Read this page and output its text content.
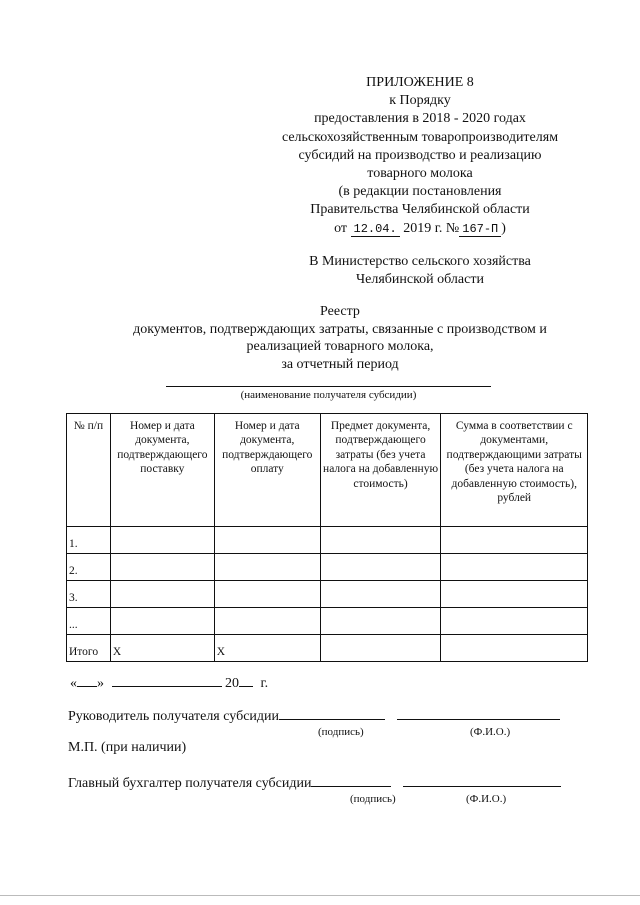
ПРИЛОЖЕНИЕ 8
к Порядку
предоставления в 2018 - 2020 годах
сельскохозяйственным товаропроизводителям
субсидий на производство и реализацию
товарного молока
(в редакции постановления
Правительства Челябинской области
от 12.04. 2019 г. № 167-П )
В Министерство сельского хозяйства
Челябинской области
Реестр
документов, подтверждающих затраты, связанные с производством и
реализацией товарного молока,
за отчетный период
(наименование получателя субсидии)
№ п/п	Номер и дата документа, подтверждающего поставку	Номер и дата документа, подтверждающего оплату	Предмет документа, подтверждающего затраты (без учета налога на добавленную стоимость)	Сумма в соответствии с документами, подтверждающими затраты (без учета налога на добавленную стоимость), рублей
1.				
2.				
3.				
...				
Итого	X	X		
« »	20 г.
Руководитель получателя субсидии
(подпись)	(Ф.И.О.)
М.П. (при наличии)
Главный бухгалтер получателя субсидии
(подпись)	(Ф.И.О.)
